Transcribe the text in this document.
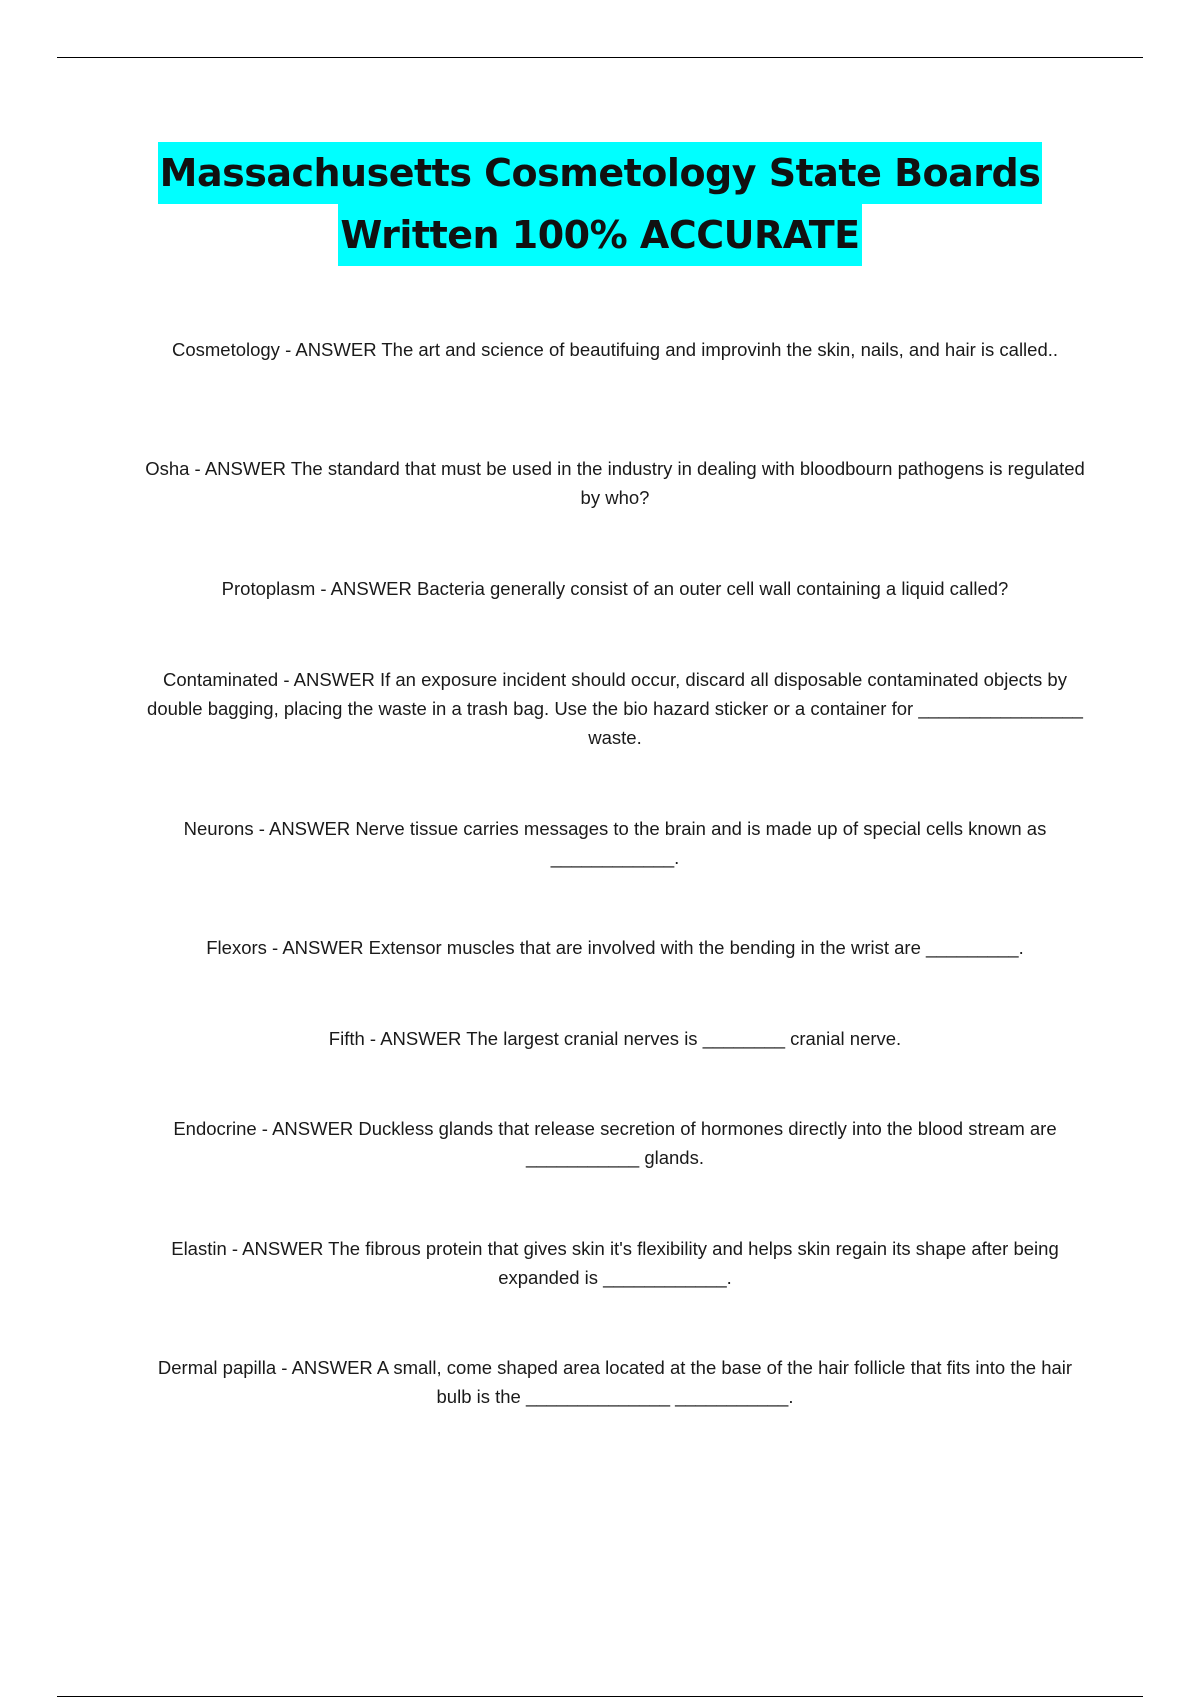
Massachusetts Cosmetology State Boards
Written 100% ACCURATE
Cosmetology - ANSWER The art and science of beautifuing and improvinh the skin, nails, and hair is called..
Osha - ANSWER The standard that must be used in the industry in dealing with bloodbourn pathogens is regulated by who?
Protoplasm - ANSWER Bacteria generally consist of an outer cell wall containing a liquid called?
Contaminated - ANSWER If an exposure incident should occur, discard all disposable contaminated objects by double bagging, placing the waste in a trash bag. Use the bio hazard sticker or a container for ________________ waste.
Neurons - ANSWER Nerve tissue carries messages to the brain and is made up of special cells known as ____________.
Flexors - ANSWER Extensor muscles that are involved with the bending in the wrist are _________.
Fifth - ANSWER The largest cranial nerves is ________ cranial nerve.
Endocrine - ANSWER Duckless glands that release secretion of hormones directly into the blood stream are ___________ glands.
Elastin - ANSWER The fibrous protein that gives skin it's flexibility and helps skin regain its shape after being expanded is ____________.
Dermal papilla - ANSWER A small, come shaped area located at the base of the hair follicle that fits into the hair bulb is the ______________ ___________.
